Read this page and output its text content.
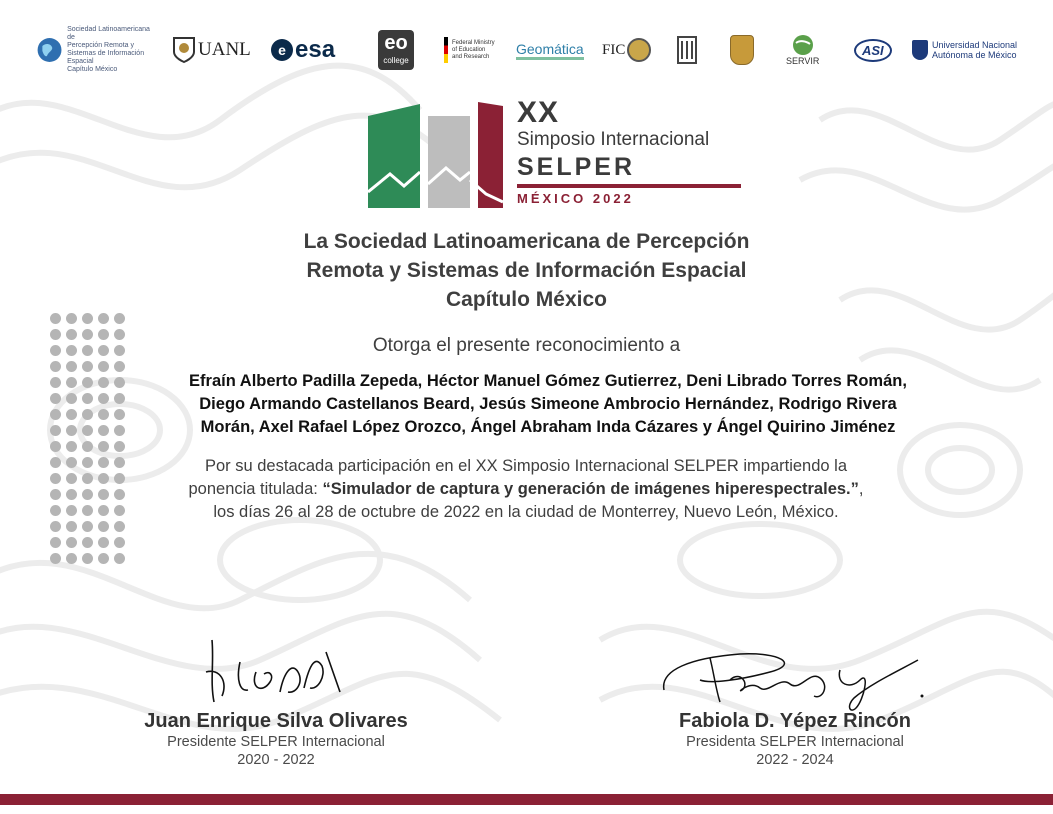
Sociedad Latinoamericana de
Percepción Remota y
Sistemas de Información Espacial
Capítulo México
UANL	e esa	eo
college
Federal Ministry
of Education
and Research	Geomática FIC
SERVIR
ASI	Universidad Nacional
Autónoma de México
XX
Simposio Internacional
SELPER
MÉXICO 2022
La Sociedad Latinoamericana de Percepción
Remota y Sistemas de Información Espacial
Capítulo México
Otorga el presente reconocimiento a
Efraín Alberto Padilla Zepeda, Héctor Manuel Gómez Gutierrez, Deni Librado Torres Román,
Diego Armando Castellanos Beard, Jesús Simeone Ambrocio Hernández, Rodrigo Rivera
Morán, Axel Rafael López Orozco, Ángel Abraham Inda Cázares y Ángel Quirino Jiménez
Por su destacada participación en el XX Simposio Internacional SELPER impartiendo la
ponencia titulada: “Simulador de captura y generación de imágenes hiperespectrales.”,
los días 26 al 28 de octubre de 2022 en la ciudad de Monterrey, Nuevo León, México.
Juan Enrique Silva Olivares
Presidente SELPER Internacional
2020 - 2022
Fabiola D. Yépez Rincón
Presidenta SELPER Internacional
2022 - 2024
